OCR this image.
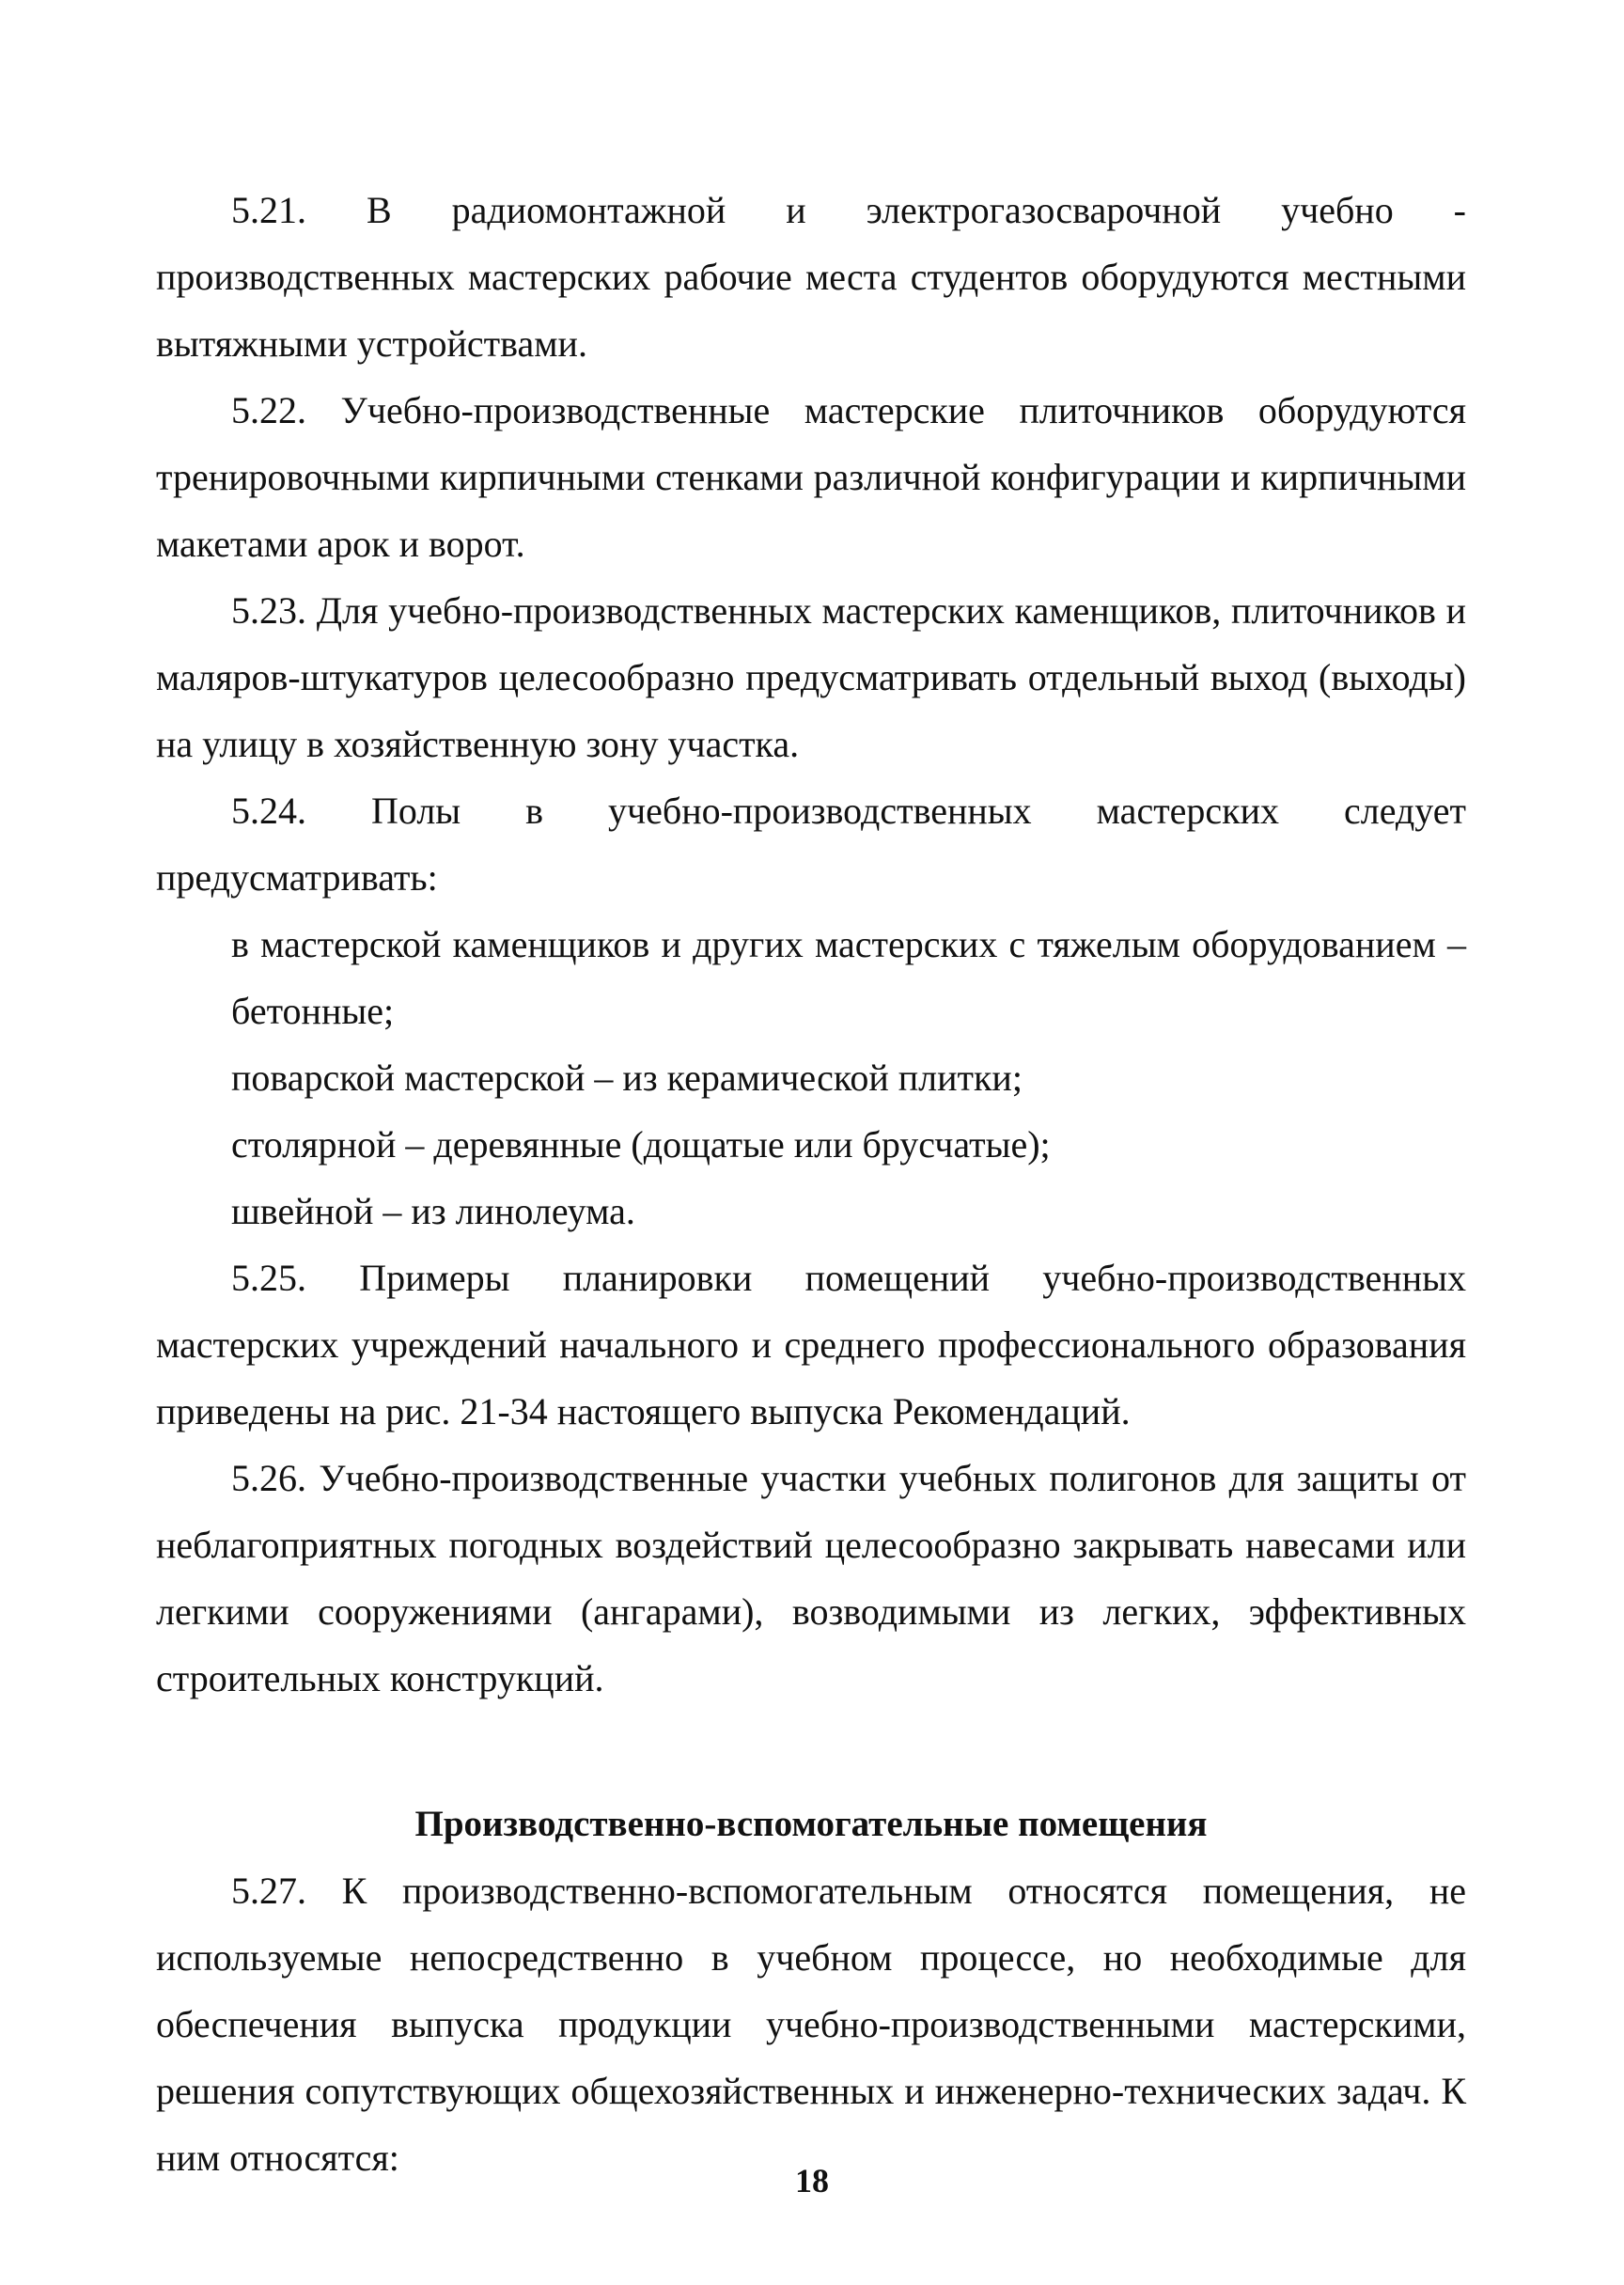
5.21. В радиомонтажной и электрогазосварочной учебно - производственных мастерских рабочие места студентов оборудуются местными вытяжными устройствами.

5.22. Учебно-производственные мастерские плиточников оборудуются тренировочными кирпичными стенками различной конфигурации и кирпичными макетами арок и ворот.

5.23. Для учебно-производственных мастерских каменщиков, плиточников и маляров-штукатуров целесообразно предусматривать отдельный выход (выходы) на улицу в хозяйственную зону участка.

5.24. Полы в учебно-производственных мастерских следует предусматривать:

в мастерской каменщиков и других мастерских с тяжелым оборудованием – бетонные;

поварской мастерской – из керамической плитки;

столярной – деревянные (дощатые или брусчатые);

швейной – из линолеума.

5.25. Примеры планировки помещений учебно-производственных мастерских учреждений начального и среднего профессионального образования приведены на рис. 21-34 настоящего выпуска Рекомендаций.

5.26. Учебно-производственные участки учебных полигонов для защиты от неблагоприятных погодных воздействий целесообразно закрывать навесами или легкими сооружениями (ангарами), возводимыми из легких, эффективных строительных конструкций.

Производственно-вспомогательные помещения

5.27. К производственно-вспомогательным относятся помещения, не используемые непосредственно в учебном процессе, но необходимые для обеспечения выпуска продукции учебно-производственными мастерскими, решения сопутствующих общехозяйственных и инженерно-технических задач. К ним относятся:

18
